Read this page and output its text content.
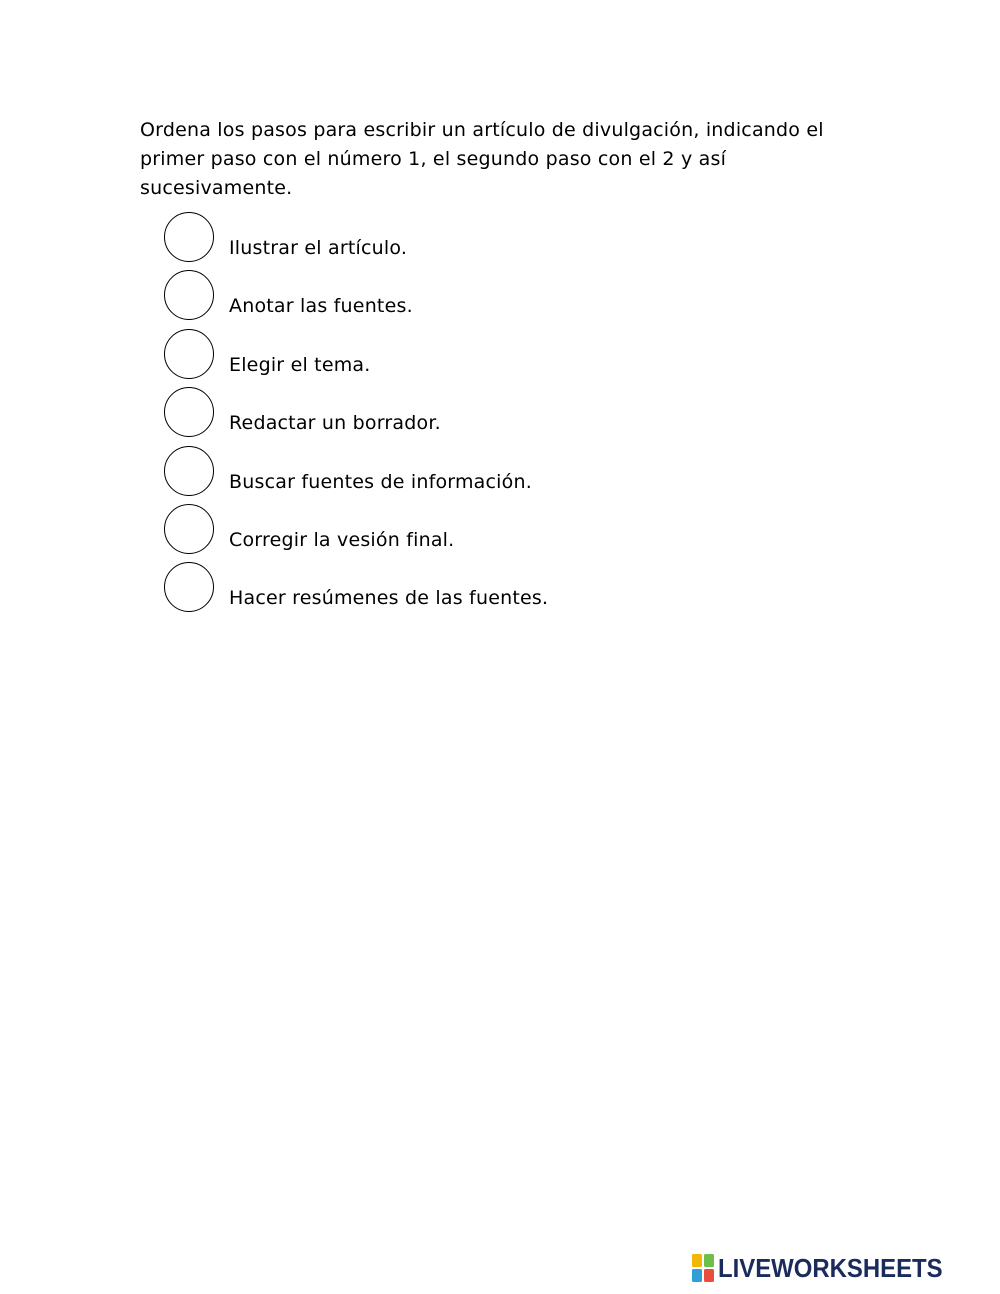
Ordena los pasos para escribir un artículo de divulgación, indicando el primer paso con el número 1, el segundo paso con el 2 y así sucesivamente.

Ilustrar el artículo.
Anotar las fuentes.
Elegir el tema.
Redactar un borrador.
Buscar fuentes de información.
Corregir la vesión final.
Hacer resúmenes de las fuentes.
LIVEWORKSHEETS
